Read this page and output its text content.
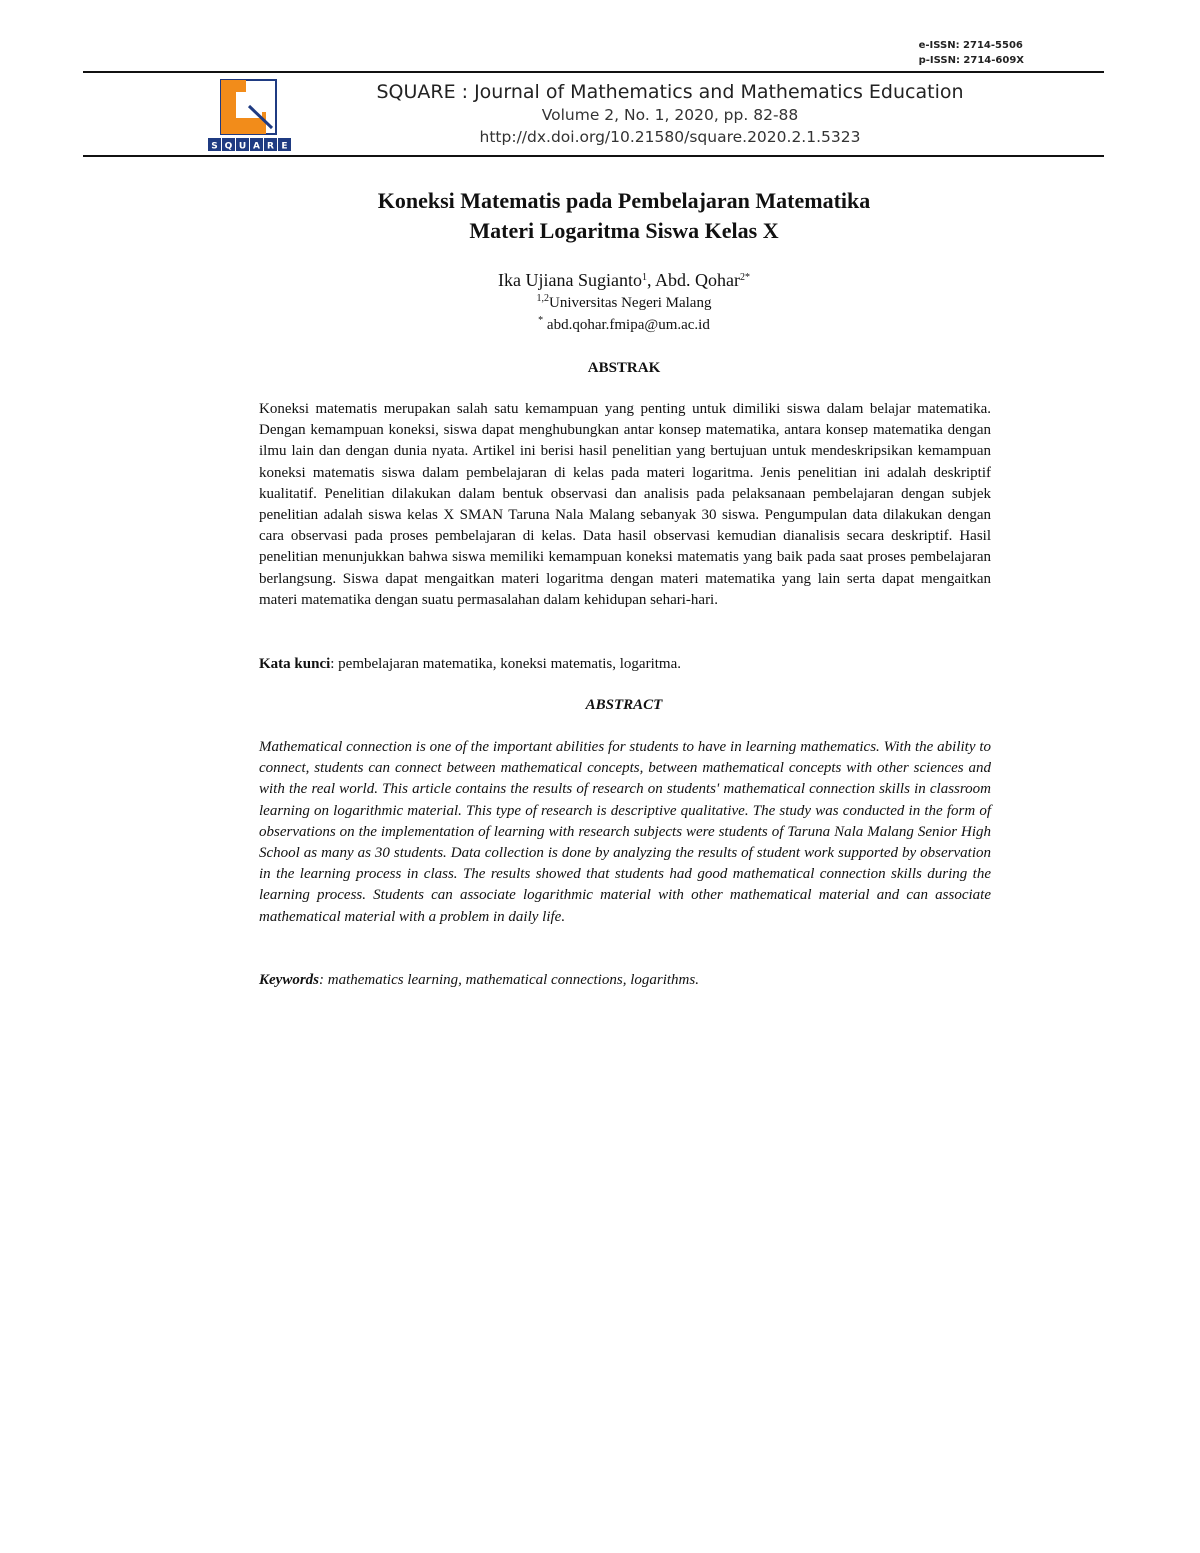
e-ISSN: 2714-5506
p-ISSN: 2714-609X
S Q U A R E
SQUARE : Journal of Mathematics and Mathematics Education
Volume 2, No. 1, 2020, pp. 82-88
http://dx.doi.org/10.21580/square.2020.2.1.5323
Koneksi Matematis pada Pembelajaran Matematika
Materi Logaritma Siswa Kelas X
Ika Ujiana Sugianto$^1$, Abd. Qohar$^{2*}$
$^{1,2}$Universitas Negeri Malang
* abd.qohar.fmipa@um.ac.id
ABSTRAK
Koneksi matematis merupakan salah satu kemampuan yang penting untuk dimiliki siswa dalam belajar matematika. Dengan kemampuan koneksi, siswa dapat menghubungkan antar konsep matematika, antara konsep matematika dengan ilmu lain dan dengan dunia nyata. Artikel ini berisi hasil penelitian yang bertujuan untuk mendeskripsikan kemampuan koneksi matematis siswa dalam pembelajaran di kelas pada materi logaritma. Jenis penelitian ini adalah deskriptif kualitatif. Penelitian dilakukan dalam bentuk observasi dan analisis pada pelaksanaan pembelajaran dengan subjek penelitian adalah siswa kelas X SMAN Taruna Nala Malang sebanyak 30 siswa. Pengumpulan data dilakukan dengan cara observasi pada proses pembelajaran di kelas. Data hasil observasi kemudian dianalisis secara deskriptif. Hasil penelitian menunjukkan bahwa siswa memiliki kemampuan koneksi matematis yang baik pada saat proses pembelajaran berlangsung. Siswa dapat mengaitkan materi logaritma dengan materi matematika yang lain serta dapat mengaitkan materi matematika dengan suatu permasalahan dalam kehidupan sehari-hari.
Kata kunci: pembelajaran matematika, koneksi matematis, logaritma.
ABSTRACT
Mathematical connection is one of the important abilities for students to have in learning mathematics. With the ability to connect, students can connect between mathematical concepts, between mathematical concepts with other sciences and with the real world. This article contains the results of research on students' mathematical connection skills in classroom learning on logarithmic material. This type of research is descriptive qualitative. The study was conducted in the form of observations on the implementation of learning with research subjects were students of Taruna Nala Malang Senior High School as many as 30 students. Data collection is done by analyzing the results of student work supported by observation in the learning process in class. The results showed that students had good mathematical connection skills during the learning process. Students can associate logarithmic material with other mathematical material and can associate mathematical material with a problem in daily life.
Keywords: mathematics learning, mathematical connections, logarithms.
